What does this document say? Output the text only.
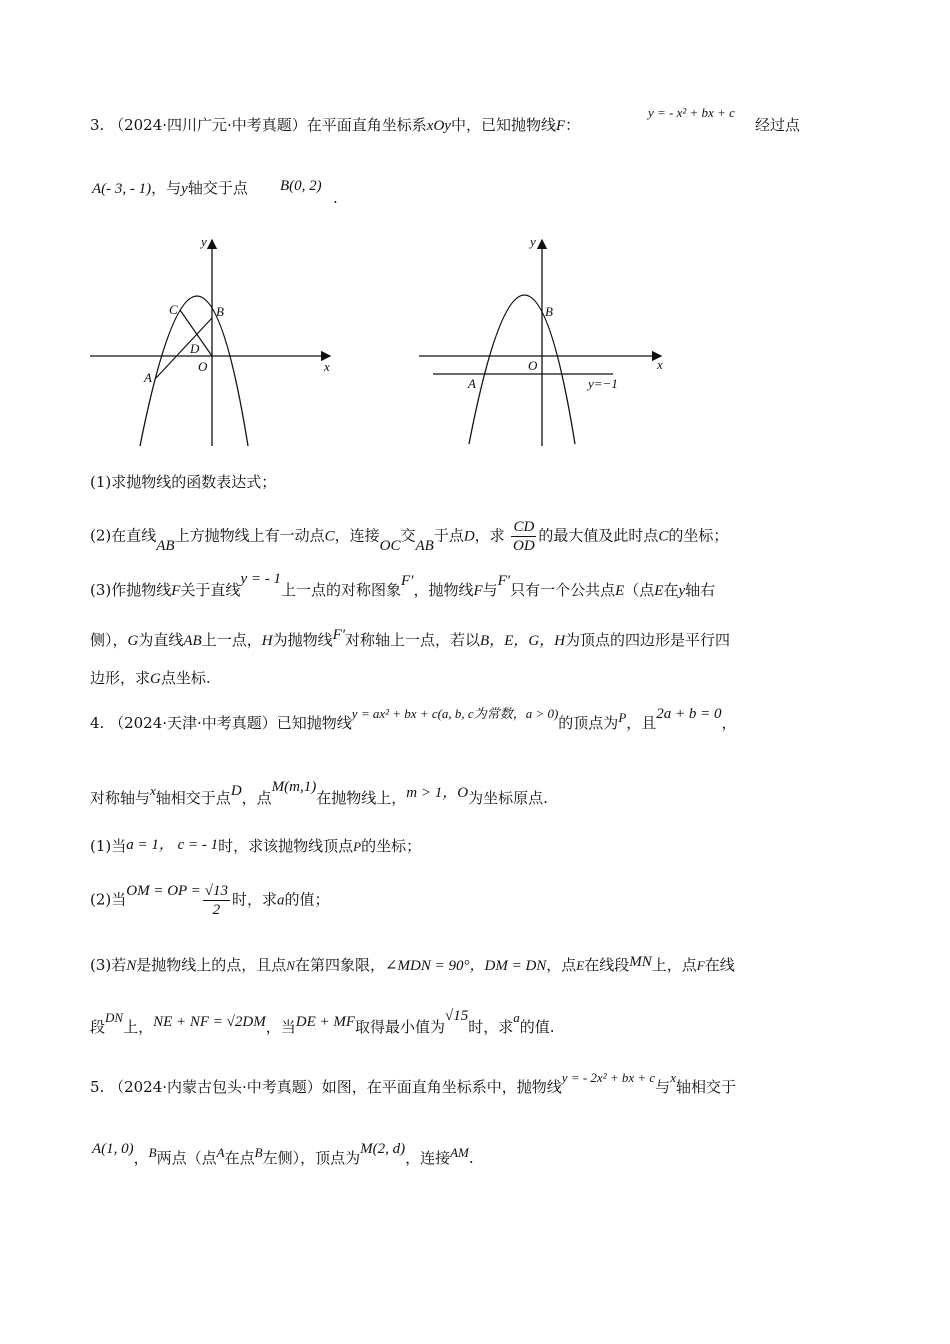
3. （2024·四川广元·中考真题）在平面直角坐标系xOy中，已知抛物线F：
y = - x² + bx + c
经过点
A(- 3, - 1)，与y轴交于点 B(0, 2)
.
y
x
A
B
C
D
O
y
x
A
B
O
y=−1
(1)求抛物线的函数表达式；
(2)在直线AB上方抛物线上有一动点C，连接OC交AB于点D，求 $\frac{CD}{OD}$ 的最大值及此时点C的坐标；
(3)作抛物线F关于直线y = - 1上一点的对称图象F′，抛物线F与F′只有一个公共点E（点E在y轴右
侧），G为直线AB上一点，H为抛物线F′对称轴上一点，若以B，E，G，H为顶点的四边形是平行四
边形，求G点坐标.
4. （2024·天津·中考真题）已知抛物线y = ax² + bx + c(a, b, c为常数，a > 0)的顶点为P，且2a + b = 0，
对称轴与x轴相交于点D，点M(m,1)在抛物线上，m > 1，O为坐标原点.
(1)当a = 1， c = - 1时，求该抛物线顶点P的坐标；
(2)当OM = OP = $\frac{√13}{2}$ 时，求a的值；
(3)若N是抛物线上的点，且点N在第四象限，∠MDN = 90°，DM = DN，点E在线段MN上，点F在线
段DN上，NE + NF = √2DM，当DE + MF取得最小值为√15时，求a的值.
5. （2024·内蒙古包头·中考真题）如图，在平面直角坐标系中，抛物线y = - 2x² + bx + c与x轴相交于
A(1, 0)，B两点（点A在点B左侧），顶点为M(2, d)，连接AM.
